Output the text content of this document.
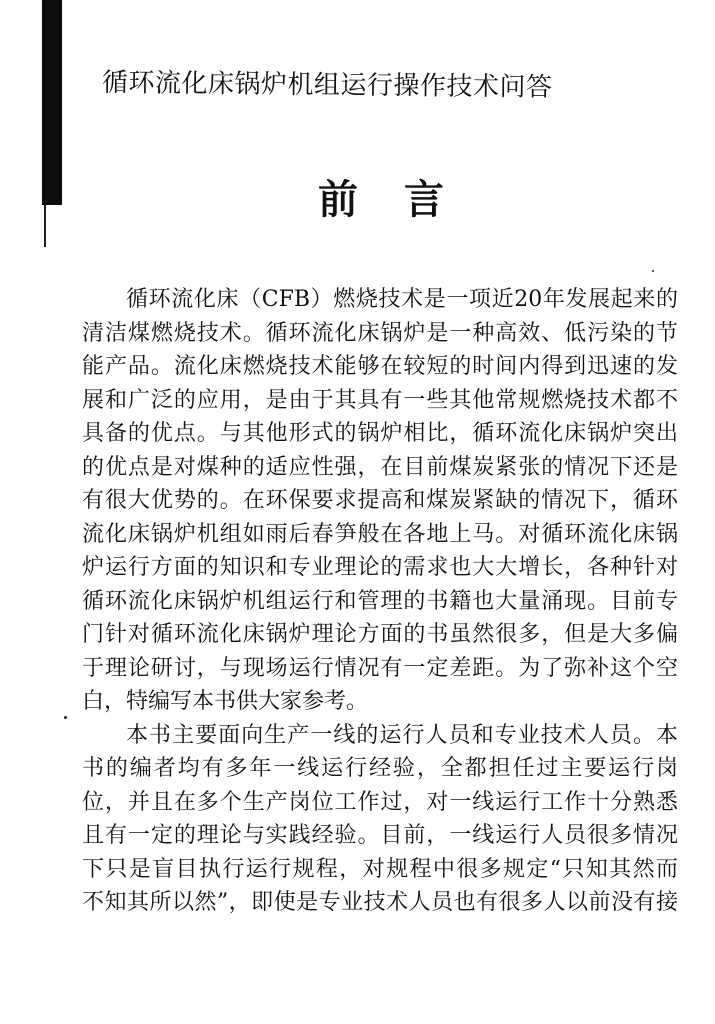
循环流化床锅炉机组运行操作技术问答
前 言
循环流化床（CFB）燃烧技术是一项近20年发展起来的
清洁煤燃烧技术。循环流化床锅炉是一种高效、低污染的节
能产品。流化床燃烧技术能够在较短的时间内得到迅速的发
展和广泛的应用，是由于其具有一些其他常规燃烧技术都不
具备的优点。与其他形式的锅炉相比，循环流化床锅炉突出
的优点是对煤种的适应性强，在目前煤炭紧张的情况下还是
有很大优势的。在环保要求提高和煤炭紧缺的情况下，循环
流化床锅炉机组如雨后春笋般在各地上马。对循环流化床锅
炉运行方面的知识和专业理论的需求也大大增长，各种针对
循环流化床锅炉机组运行和管理的书籍也大量涌现。目前专
门针对循环流化床锅炉理论方面的书虽然很多，但是大多偏
于理论研讨，与现场运行情况有一定差距。为了弥补这个空
白，特编写本书供大家参考。
本书主要面向生产一线的运行人员和专业技术人员。本
书的编者均有多年一线运行经验，全都担任过主要运行岗
位，并且在多个生产岗位工作过，对一线运行工作十分熟悉
且有一定的理论与实践经验。目前，一线运行人员很多情况
下只是盲目执行运行规程，对规程中很多规定“只知其然而
不知其所以然”，即使是专业技术人员也有很多人以前没有接
